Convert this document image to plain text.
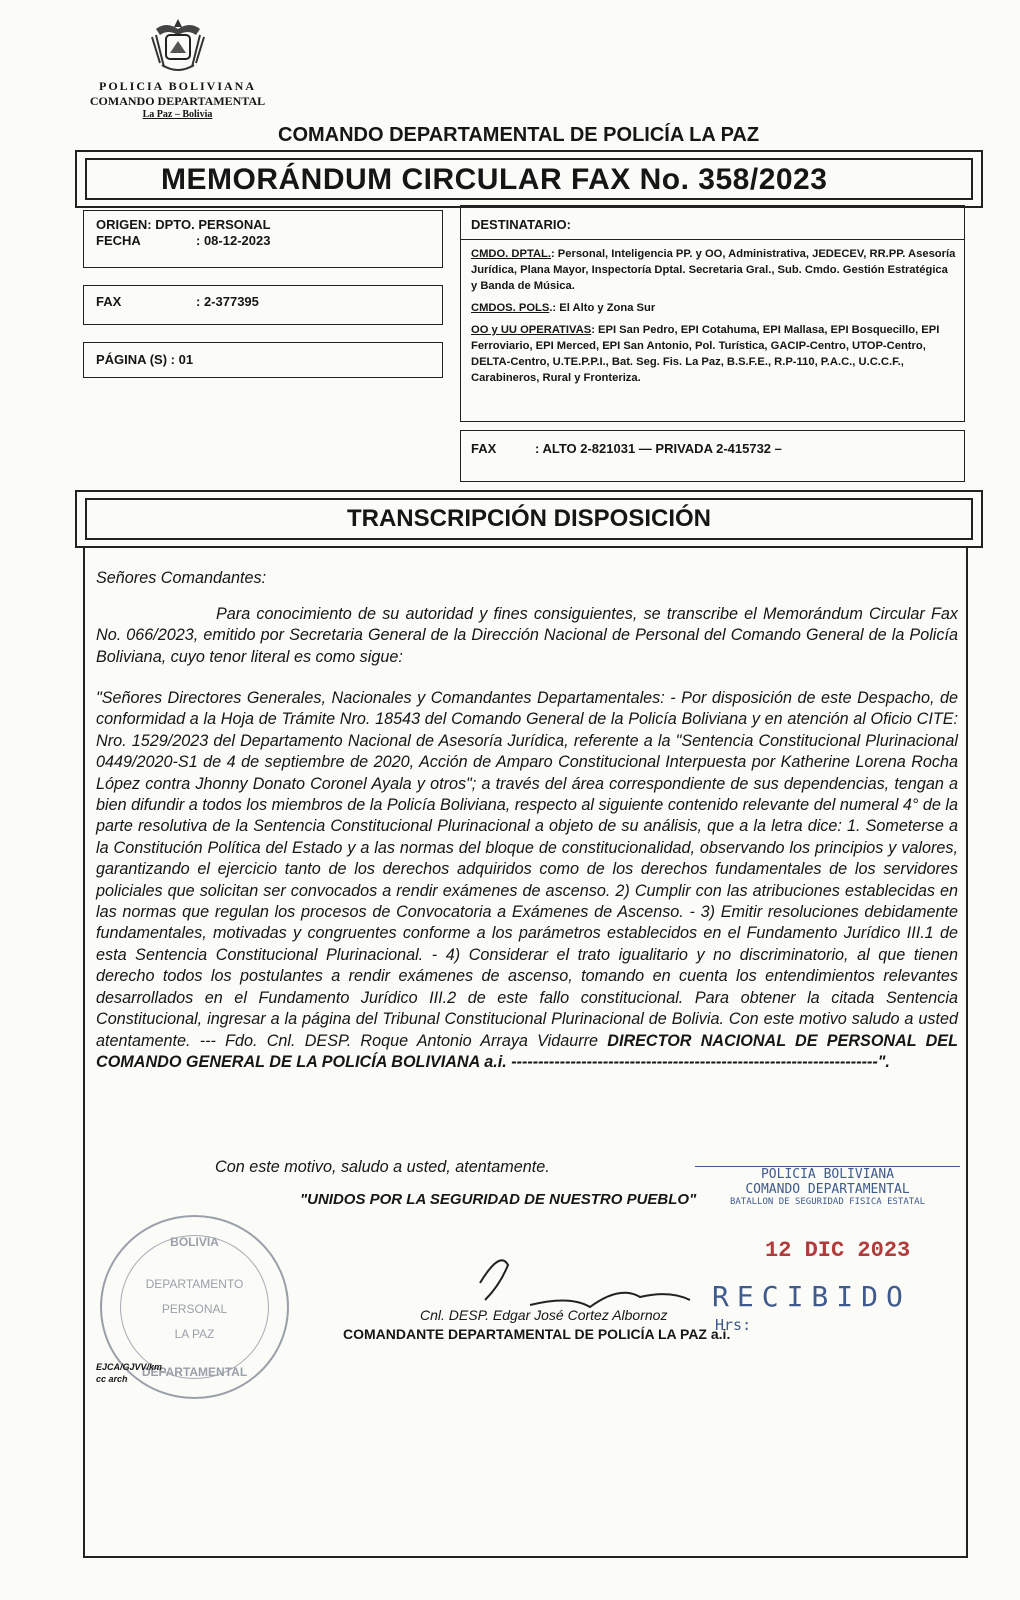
POLICIA BOLIVIANA
COMANDO DEPARTAMENTAL
La Paz – Bolivia
COMANDO DEPARTAMENTAL DE POLICÍA LA PAZ
MEMORÁNDUM CIRCULAR FAX No. 358/2023
ORIGEN: DPTO. PERSONAL
FECHA	: 08-12-2023
FAX	: 2-377395
PÁGINA (S) : 01
DESTINATARIO:

CMDO. DPTAL.: Personal, Inteligencia PP. y OO, Administrativa, JEDECEV, RR.PP. Asesoría Jurídica, Plana Mayor, Inspectoría Dptal. Secretaria Gral., Sub. Cmdo. Gestión Estratégica y Banda de Música.

CMDOS. POLS.: El Alto y Zona Sur

OO y UU OPERATIVAS: EPI San Pedro, EPI Cotahuma, EPI Mallasa, EPI Bosquecillo, EPI Ferroviario, EPI Merced, EPI San Antonio, Pol. Turística, GACIP-Centro, UTOP-Centro, DELTA-Centro, U.TE.P.P.I., Bat. Seg. Fis. La Paz, B.S.F.E., R.P-110, P.A.C., U.C.C.F., Carabineros, Rural y Fronteriza.

FAX	: ALTO 2-821031 — PRIVADA 2-415732 –
TRANSCRIPCIÓN DISPOSICIÓN
Señores Comandantes:
Para conocimiento de su autoridad y fines consiguientes, se transcribe el Memorándum Circular Fax No. 066/2023, emitido por Secretaria General de la Dirección Nacional de Personal del Comando General de la Policía Boliviana, cuyo tenor literal es como sigue:
"Señores Directores Generales, Nacionales y Comandantes Departamentales: - Por disposición de este Despacho, de conformidad a la Hoja de Trámite Nro. 18543 del Comando General de la Policía Boliviana y en atención al Oficio CITE: Nro. 1529/2023 del Departamento Nacional de Asesoría Jurídica, referente a la "Sentencia Constitucional Plurinacional 0449/2020-S1 de 4 de septiembre de 2020, Acción de Amparo Constitucional Interpuesta por Katherine Lorena Rocha López contra Jhonny Donato Coronel Ayala y otros"; a través del área correspondiente de sus dependencias, tengan a bien difundir a todos los miembros de la Policía Boliviana, respecto al siguiente contenido relevante del numeral 4° de la parte resolutiva de la Sentencia Constitucional Plurinacional a objeto de su análisis, que a la letra dice: 1. Someterse a la Constitución Política del Estado y a las normas del bloque de constitucionalidad, observando los principios y valores, garantizando el ejercicio tanto de los derechos adquiridos como de los derechos fundamentales de los servidores policiales que solicitan ser convocados a rendir exámenes de ascenso. 2) Cumplir con las atribuciones establecidas en las normas que regulan los procesos de Convocatoria a Exámenes de Ascenso. - 3) Emitir resoluciones debidamente fundamentales, motivadas y congruentes conforme a los parámetros establecidos en el Fundamento Jurídico III.1 de esta Sentencia Constitucional Plurinacional. - 4) Considerar el trato igualitario y no discriminatorio, al que tienen derecho todos los postulantes a rendir exámenes de ascenso, tomando en cuenta los entendimientos relevantes desarrollados en el Fundamento Jurídico III.2 de este fallo constitucional. Para obtener la citada Sentencia Constitucional, ingresar a la página del Tribunal Constitucional Plurinacional de Bolivia. Con este motivo saludo a usted atentamente. --- Fdo. Cnl. DESP. Roque Antonio Arraya Vidaurre DIRECTOR NACIONAL DE PERSONAL DEL COMANDO GENERAL DE LA POLICÍA BOLIVIANA a.i. --------------------------------------------------------------------".
Con este motivo, saludo a usted, atentamente.
"UNIDOS POR LA SEGURIDAD DE NUESTRO PUEBLO"
POLICIA BOLIVIANA
COMANDO DEPARTAMENTAL
BATALLON DE SEGURIDAD FISICA ESTATAL
12 DIC 2023
RECIBIDO
Hrs:
Cnl. DESP. Edgar José Cortez Albornoz
COMANDANTE DEPARTAMENTAL DE POLICÍA LA PAZ a.i.
BOLIVIA
DEPARTAMENTO
PERSONAL
LA PAZ
DEPARTAMENTAL
EJCA/GJVV/km
cc arch
